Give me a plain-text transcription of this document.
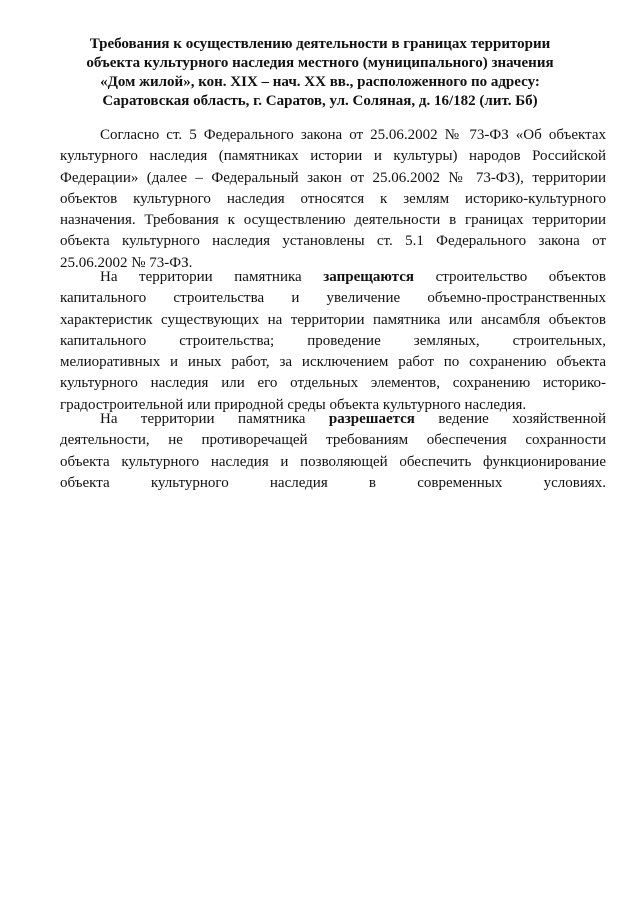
Требования к осуществлению деятельности в границах территории
объекта культурного наследия местного (муниципального) значения
«Дом жилой», кон. XIX – нач. XX вв., расположенного по адресу:
Саратовская область, г. Саратов, ул. Соляная, д. 16/182 (лит. Бб)
Согласно ст. 5 Федерального закона от 25.06.2002 № 73-ФЗ «Об объектах
культурного наследия (памятниках истории и культуры) народов Российской
Федерации» (далее – Федеральный закон от 25.06.2002 № 73-ФЗ), территории
объектов культурного наследия относятся к землям историко-культурного
назначения. Требования к осуществлению деятельности в границах территории
объекта культурного наследия установлены ст. 5.1 Федерального закона от
25.06.2002 № 73-ФЗ.
На территории памятника запрещаются строительство объектов
капитального строительства и увеличение объемно-пространственных
характеристик существующих на территории памятника или ансамбля объектов
капитального строительства; проведение земляных, строительных,
мелиоративных и иных работ, за исключением работ по сохранению объекта
культурного наследия или его отдельных элементов, сохранению историко-
градостроительной или природной среды объекта культурного наследия.
На территории памятника разрешается ведение хозяйственной
деятельности, не противоречащей требованиям обеспечения сохранности
объекта культурного наследия и позволяющей обеспечить функционирование
объекта культурного наследия в современных условиях.
